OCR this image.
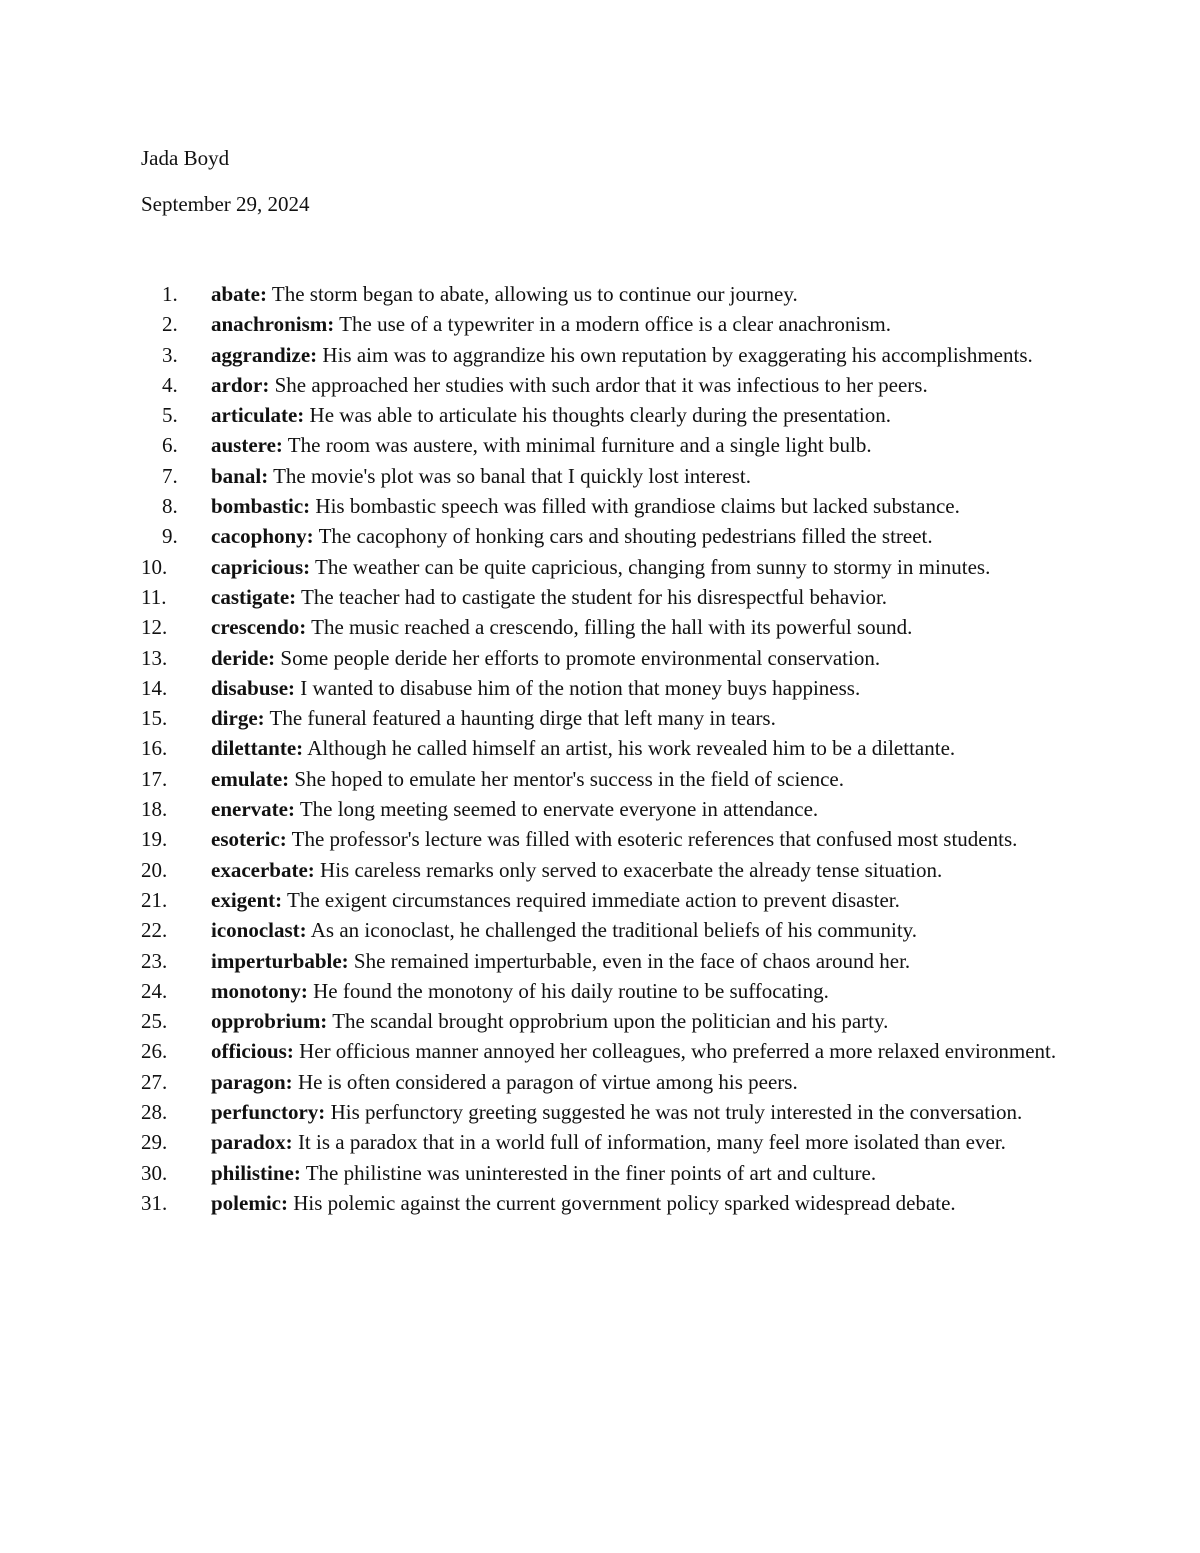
Jada Boyd
September 29, 2024
1.	abate: The storm began to abate, allowing us to continue our journey.
2.	anachronism: The use of a typewriter in a modern office is a clear anachronism.
3.	aggrandize: His aim was to aggrandize his own reputation by exaggerating his accomplishments.
4.	ardor: She approached her studies with such ardor that it was infectious to her peers.
5.	articulate: He was able to articulate his thoughts clearly during the presentation.
6.	austere: The room was austere, with minimal furniture and a single light bulb.
7.	banal: The movie's plot was so banal that I quickly lost interest.
8.	bombastic: His bombastic speech was filled with grandiose claims but lacked substance.
9.	cacophony: The cacophony of honking cars and shouting pedestrians filled the street.
10.	capricious: The weather can be quite capricious, changing from sunny to stormy in minutes.
11.	castigate: The teacher had to castigate the student for his disrespectful behavior.
12.	crescendo: The music reached a crescendo, filling the hall with its powerful sound.
13.	deride: Some people deride her efforts to promote environmental conservation.
14.	disabuse: I wanted to disabuse him of the notion that money buys happiness.
15.	dirge: The funeral featured a haunting dirge that left many in tears.
16.	dilettante: Although he called himself an artist, his work revealed him to be a dilettante.
17.	emulate: She hoped to emulate her mentor's success in the field of science.
18.	enervate: The long meeting seemed to enervate everyone in attendance.
19.	esoteric: The professor's lecture was filled with esoteric references that confused most students.
20.	exacerbate: His careless remarks only served to exacerbate the already tense situation.
21.	exigent: The exigent circumstances required immediate action to prevent disaster.
22.	iconoclast: As an iconoclast, he challenged the traditional beliefs of his community.
23.	imperturbable: She remained imperturbable, even in the face of chaos around her.
24.	monotony: He found the monotony of his daily routine to be suffocating.
25.	opprobrium: The scandal brought opprobrium upon the politician and his party.
26.	officious: Her officious manner annoyed her colleagues, who preferred a more relaxed environment.
27.	paragon: He is often considered a paragon of virtue among his peers.
28.	perfunctory: His perfunctory greeting suggested he was not truly interested in the conversation.
29.	paradox: It is a paradox that in a world full of information, many feel more isolated than ever.
30.	philistine: The philistine was uninterested in the finer points of art and culture.
31.	polemic: His polemic against the current government policy sparked widespread debate.
